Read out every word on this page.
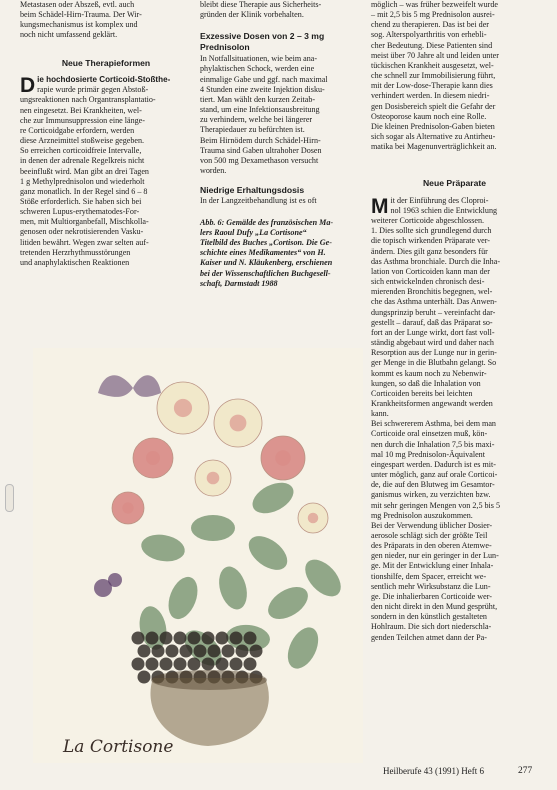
Metastasen oder Abszeß, evtl. auch
beim Schädel-Hirn-Trauma. Der Wir-
kungsmechanismus ist komplex und
noch nicht umfassend geklärt.

Neue Therapieformen

D ie hochdosierte Corticoid-Stoßthe-

rapie wurde primär gegen Abstoß-
ungsreaktionen nach Organtransplantatio-
nen eingesetzt. Bei Krankheiten, wel-
che zur Immunsuppression eine länge-
re Corticoidgabe erfordern, werden
diese Arzneimittel stoßweise gegeben.
So erreichen corticoidfreie Intervalle,
in denen der adrenale Regelkreis nicht
beeinflußt wird. Man gibt an drei Tagen
1 g Methylprednisolon und wiederholt
ganz monatlich. In der Regel sind 6 – 8
Stöße erforderlich. Sie haben sich bei
schweren Lupus-erythematodes-For-
men, mit Multiorganbefall, Mischkolla-
genosen oder nekrotisierenden Vasku-
litiden bewährt. Wegen zwar selten auf-
tretenden Herzrhythmusstörungen
und anaphylaktischen Reaktionen
bleibt diese Therapie aus Sicherheits-
gründen der Klinik vorbehalten.

Exzessive Dosen von 2 – 3 mg Prednisolon

In Notfallsituationen, wie beim ana-
phylaktischen Schock, werden eine
einmalige Gabe und ggf. nach maximal
4 Stunden eine zweite Injektion disku-
tiert. Man wählt den kurzen Zeitab-
stand, um eine Infektionsausbreitung
zu verhindern, welche bei längerer
Therapiedauer zu befürchten ist.
Beim Hirnödem durch Schädel-Hirn-
Trauma sind Gaben ultrahoher Dosen
von 500 mg Dexamethason versucht
worden.

Niedrige Erhaltungsdosis

In der Langzeitbehandlung ist es oft
Abb. 6: Gemälde des französischen Ma-
lers Raoul Dufy „La Cortisone“
Titelbild des Buches „Cortison. Die Ge-
schichte eines Medikamentes“ von H.
Kaiser und N. Kläukenberg, erschienen
bei der Wissenschaftlichen Buchgesell-
schaft, Darmstadt 1988
möglich – was früher bezweifelt wurde
– mit 2,5 bis 5 mg Prednisolon ausrei-
chend zu therapieren. Das ist bei der
sog. Alterspolyarthritis von erhebli-
cher Bedeutung. Diese Patienten sind
meist über 70 Jahre alt und leiden unter
tückischen Krankheit ausgesetzt, wel-
che schnell zur Immobilisierung führt,
mit der Low-dose-Therapie kann dies
verhindert werden. In diesem niedri-
gen Dosisbereich spielt die Gefahr der
Osteoporose kaum noch eine Rolle.
Die kleinen Prednisolon-Gaben bieten
sich sogar als Alternative zu Antirheu-
matika bei Magenunverträglichkeit an.

Neue Präparate

M it der Einführung des Cloproi-

nol 1963 schien die Entwicklung
weiterer Corticoide abgeschlossen.
1. Dies sollte sich grundlegend durch
die topisch wirkenden Präparate ver-
ändern. Dies gilt ganz besonders für
das Asthma bronchiale. Durch die Inha-
lation von Corticoiden kann man der
sich entwickelnden chronisch desi-
mierenden Bronchitis begegnen, wel-
che das Asthma unterhält. Das Anwen-
dungsprinzip beruht – vereinfacht dar-
gestellt – darauf, daß das Präparat so-
fort an der Lunge wirkt, dort fast voll-
ständig abgebaut wird und daher nach
Resorption aus der Lunge nur in gerin-
ger Menge in die Blutbahn gelangt. So
kommt es kaum noch zu Nebenwir-
kungen, so daß die Inhalation von
Corticoiden bereits bei leichten
Krankheitsformen angewandt werden
kann.
Bei schwererem Asthma, bei dem man
Corticoide oral einsetzen muß, kön-
nen durch die Inhalation 7,5 bis maxi-
mal 10 mg Prednisolon-Äquivalent
eingespart werden. Dadurch ist es mit-
unter möglich, ganz auf orale Corticoi-
de, die auf den Blutweg im Gesamtor-
ganismus wirken, zu verzichten bzw.
mit sehr geringen Mengen von 2,5 bis 5
mg Prednisolon auszukommen.
Bei der Verwendung üblicher Dosier-
aerosole schlägt sich der größte Teil
des Präparats in den oberen Atemwe-
gen nieder, nur ein geringer in der Lun-
ge. Mit der Entwicklung einer Inhala-
tionshilfe, dem Spacer, erreicht we-
sentlich mehr Wirksubstanz die Lun-
ge. Die inhalierbaren Corticoide wer-
den nicht direkt in den Mund gesprüht,
sondern in den künstlich gestalteten
Hohlraum. Die sich dort niederschla-
genden Teilchen atmet dann der Pa-
La Cortisone
Heilberufe 43 (1991) Heft 6	277
